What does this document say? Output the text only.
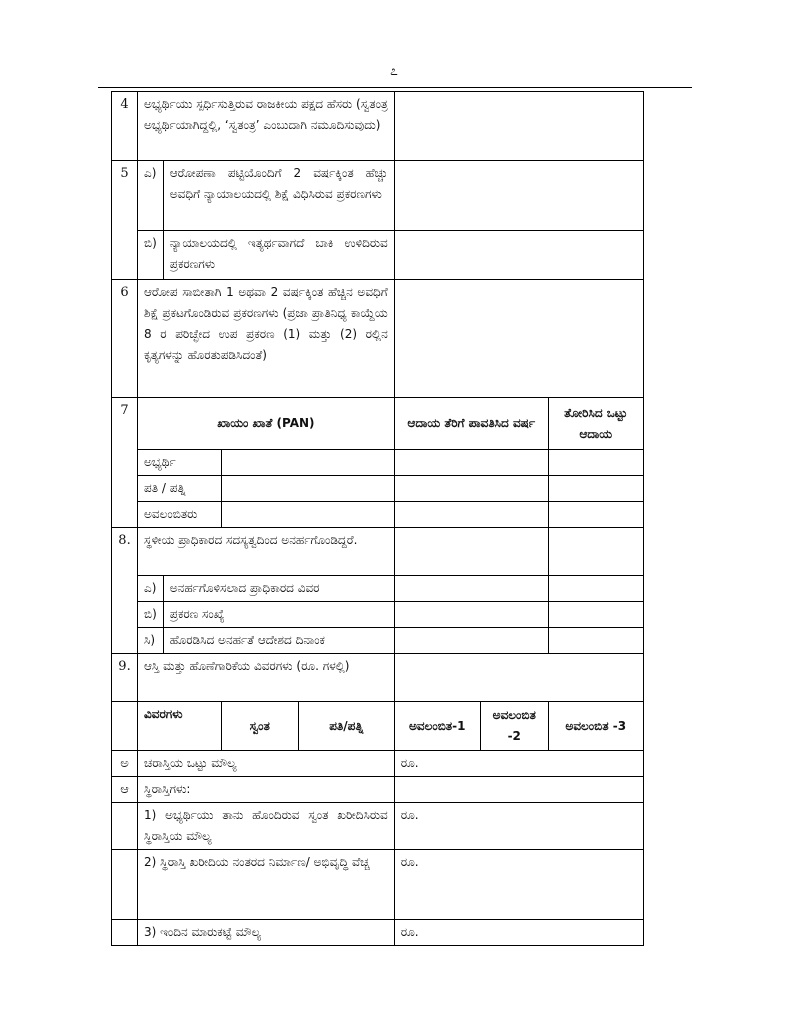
೭
4	ಅಭ್ಯರ್ಥಿಯು ಸ್ಪರ್ಧಿಸುತ್ತಿರುವ ರಾಜಕೀಯ ಪಕ್ಷದ ಹೆಸರು (ಸ್ವತಂತ್ರ ಅಭ್ಯರ್ಥಿಯಾಗಿದ್ದಲ್ಲಿ, ‘ಸ್ವತಂತ್ರ’ ಎಂಬುದಾಗಿ ನಮೂದಿಸುವುದು)						
5	ಎ)	ಆರೋಪಣಾ ಪಟ್ಟಿಯೊಂದಿಗೆ 2 ವರ್ಷಕ್ಕಿಂತ ಹೆಚ್ಚು ಅವಧಿಗೆ ನ್ಯಾಯಾಲಯದಲ್ಲಿ ಶಿಕ್ಷೆ ವಿಧಿಸಿರುವ ಪ್ರಕರಣಗಳು					
	ಬಿ)	ನ್ಯಾಯಾಲಯದಲ್ಲಿ ಇತ್ಯರ್ಥವಾಗದೆ ಬಾಕಿ ಉಳಿದಿರುವ ಪ್ರಕರಣಗಳು					
6	ಆರೋಪ ಸಾಬೀತಾಗಿ 1 ಅಥವಾ 2 ವರ್ಷಕ್ಕಿಂತ ಹೆಚ್ಚಿನ ಅವಧಿಗೆ ಶಿಕ್ಷೆ ಪ್ರಕಟಗೊಂಡಿರುವ ಪ್ರಕರಣಗಳು (ಪ್ರಜಾ ಪ್ರಾತಿನಿಧ್ಯ ಕಾಯ್ದೆಯ 8 ರ ಪರಿಚ್ಛೇದ ಉಪ ಪ್ರಕರಣ (1) ಮತ್ತು (2) ರಲ್ಲಿನ ಕೃತ್ಯಗಳನ್ನು ಹೊರತುಪಡಿಸಿದಂತೆ)						
7	ಖಾಯಂ ಖಾತೆ (PAN)				ಆದಾಯ ತೆರಿಗೆ ಪಾವತಿಸಿದ ವರ್ಷ		ತೋರಿಸಿದ ಒಟ್ಟು ಆದಾಯ
	ಅಭ್ಯರ್ಥಿ						
	ಪತಿ / ಪತ್ನಿ						
	ಅವಲಂಬಿತರು						
8.	ಸ್ಥಳೀಯ ಪ್ರಾಧಿಕಾರದ ಸದಸ್ಯತ್ವದಿಂದ ಅನರ್ಹಗೊಂಡಿದ್ದರೆ.						
	ಎ)	ಅನರ್ಹಗೊಳಿಸಲಾದ ಪ್ರಾಧಿಕಾರದ ವಿವರ					
	ಬಿ)	ಪ್ರಕರಣ ಸಂಖ್ಯೆ					
	ಸಿ)	ಹೊರಡಿಸಿದ ಅನರ್ಹತೆ ಆದೇಶದ ದಿನಾಂಕ					
9.	ಆಸ್ತಿ ಮತ್ತು ಹೊಣೆಗಾರಿಕೆಯ ವಿವರಗಳು (ರೂ. ಗಳಲ್ಲಿ)						
	ವಿವರಗಳು		ಸ್ವಂತ	ಪತಿ/ಪತ್ನಿ	ಅವಲಂಬಿತ-1	ಅವಲಂಬಿತ -2	ಅವಲಂಬಿತ -3
ಅ	ಚರಾಸ್ತಿಯ ಒಟ್ಟು ಮೌಲ್ಯ				ರೂ.		
ಆ	ಸ್ಥಿರಾಸ್ತಿಗಳು:						
	1) ಅಭ್ಯರ್ಥಿಯು ತಾನು ಹೊಂದಿರುವ ಸ್ವಂತ ಖರೀದಿಸಿರುವ ಸ್ಥಿರಾಸ್ತಿಯ ಮೌಲ್ಯ				ರೂ.		
	2) ಸ್ಥಿರಾಸ್ತಿ ಖರೀದಿಯ ನಂತರದ ನಿರ್ಮಾಣ/ ಅಭಿವೃದ್ಧಿ ವೆಚ್ಚ				ರೂ.		
	3) ಇಂದಿನ ಮಾರುಕಟ್ಟೆ ಮೌಲ್ಯ				ರೂ.		
